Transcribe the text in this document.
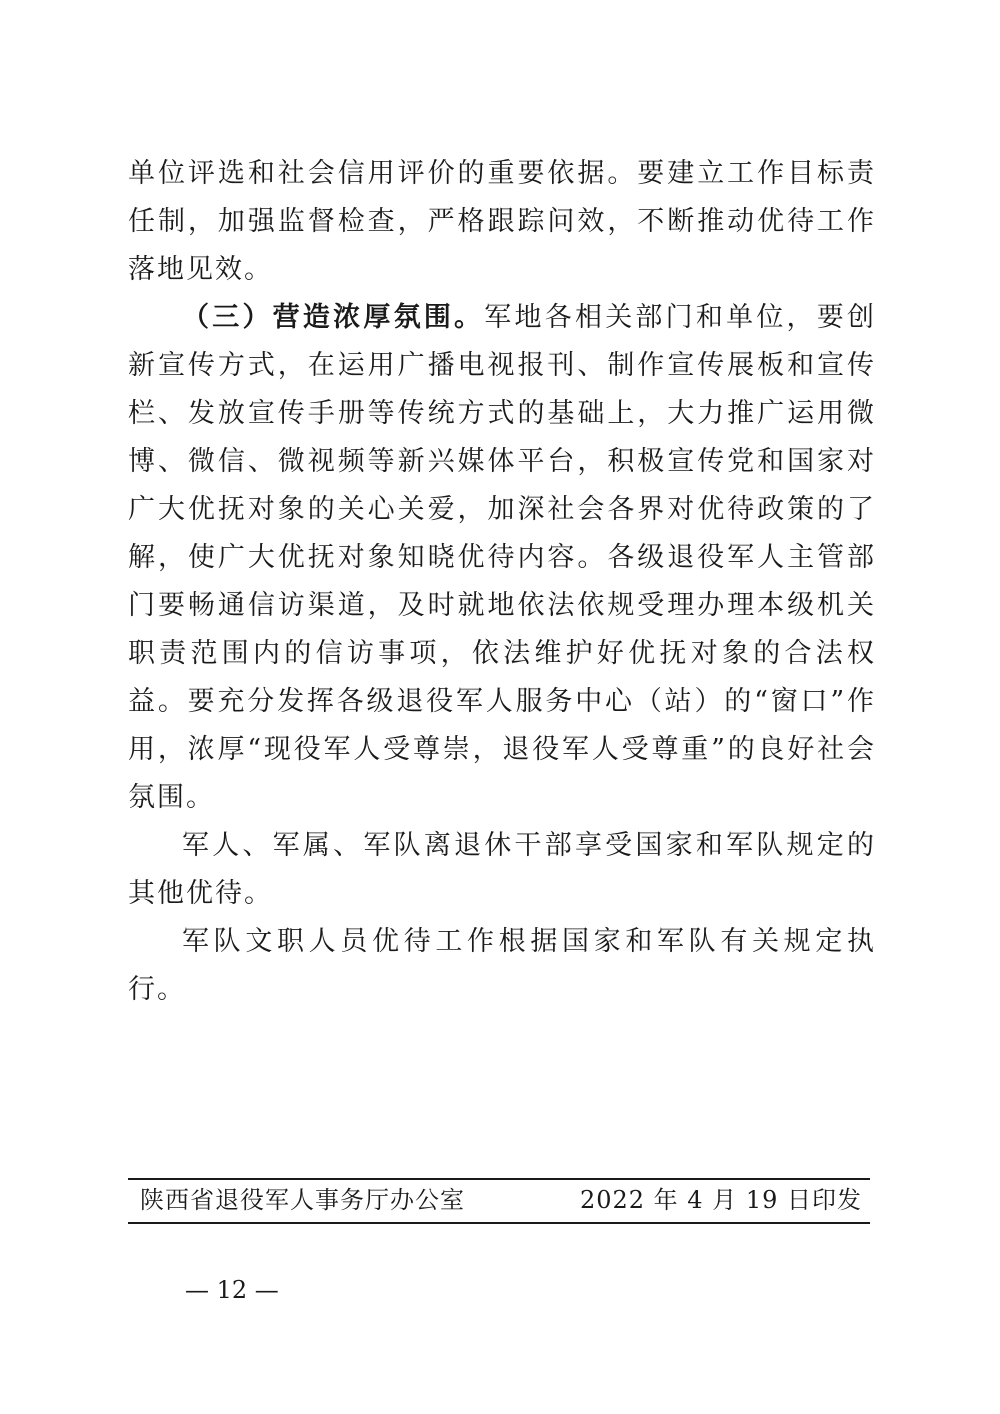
单位评选和社会信用评价的重要依据。要建立工作目标责任制，加强监督检查，严格跟踪问效，不断推动优待工作落地见效。

（三）营造浓厚氛围。军地各相关部门和单位，要创新宣传方式，在运用广播电视报刊、制作宣传展板和宣传栏、发放宣传手册等传统方式的基础上，大力推广运用微博、微信、微视频等新兴媒体平台，积极宣传党和国家对广大优抚对象的关心关爱，加深社会各界对优待政策的了解，使广大优抚对象知晓优待内容。各级退役军人主管部门要畅通信访渠道，及时就地依法依规受理办理本级机关职责范围内的信访事项，依法维护好优抚对象的合法权益。要充分发挥各级退役军人服务中心（站）的“窗口”作用，浓厚“现役军人受尊崇，退役军人受尊重”的良好社会氛围。

军人、军属、军队离退休干部享受国家和军队规定的其他优待。

军队文职人员优待工作根据国家和军队有关规定执行。

陕西省退役军人事务厅办公室	2022 年 4 月 19 日印发
— 12 —
